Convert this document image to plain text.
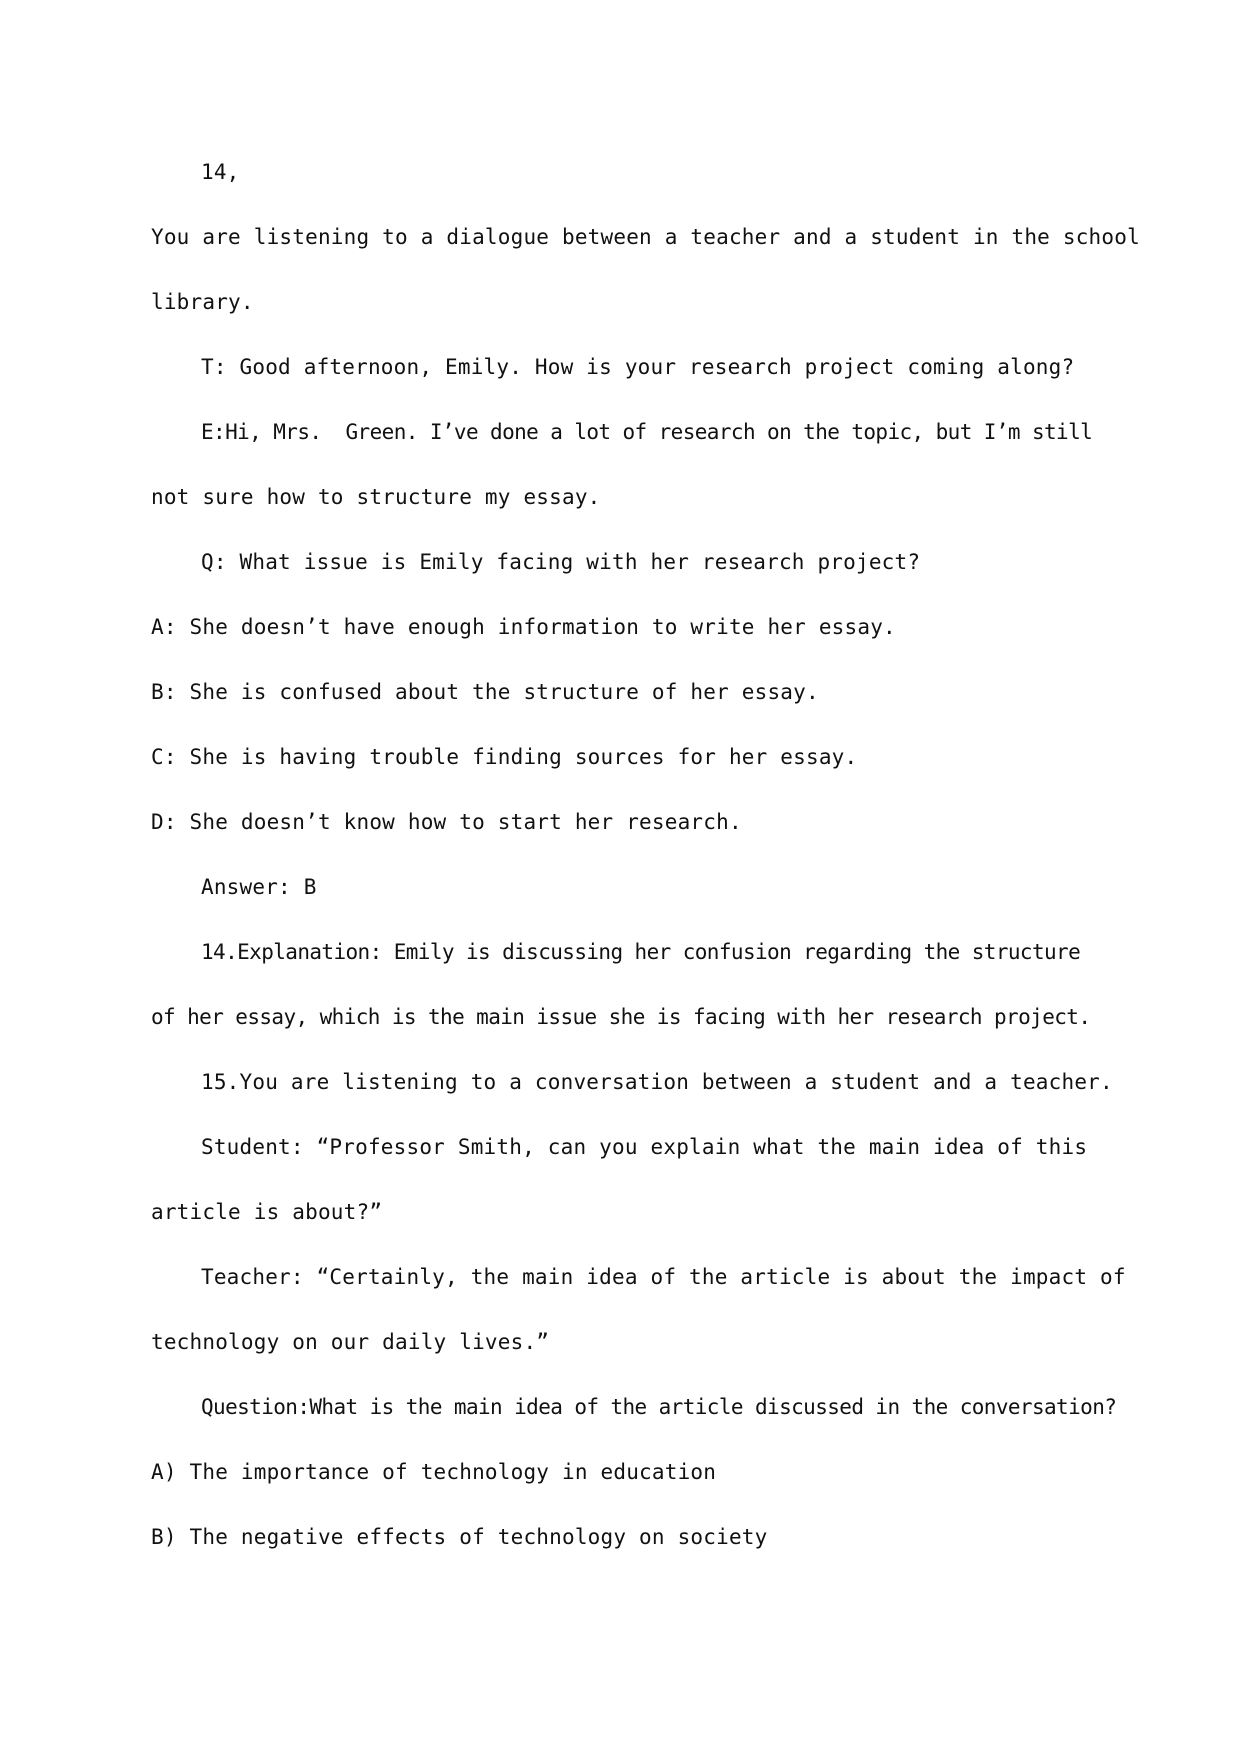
14,
You are listening to a dialogue between a teacher and a student in the school
library.
T: Good afternoon, Emily. How is your research project coming along?
E:Hi, Mrs.  Green. I’ve done a lot of research on the topic, but I’m still
not sure how to structure my essay.
Q: What issue is Emily facing with her research project?
A: She doesn’t have enough information to write her essay.
B: She is confused about the structure of her essay.
C: She is having trouble finding sources for her essay.
D: She doesn’t know how to start her research.
Answer: B
14.Explanation: Emily is discussing her confusion regarding the structure
of her essay, which is the main issue she is facing with her research project.
15.You are listening to a conversation between a student and a teacher.
Student: “Professor Smith, can you explain what the main idea of this
article is about?”
Teacher: “Certainly, the main idea of the article is about the impact of
technology on our daily lives.”
Question:What is the main idea of the article discussed in the conversation?
A) The importance of technology in education
B) The negative effects of technology on society
